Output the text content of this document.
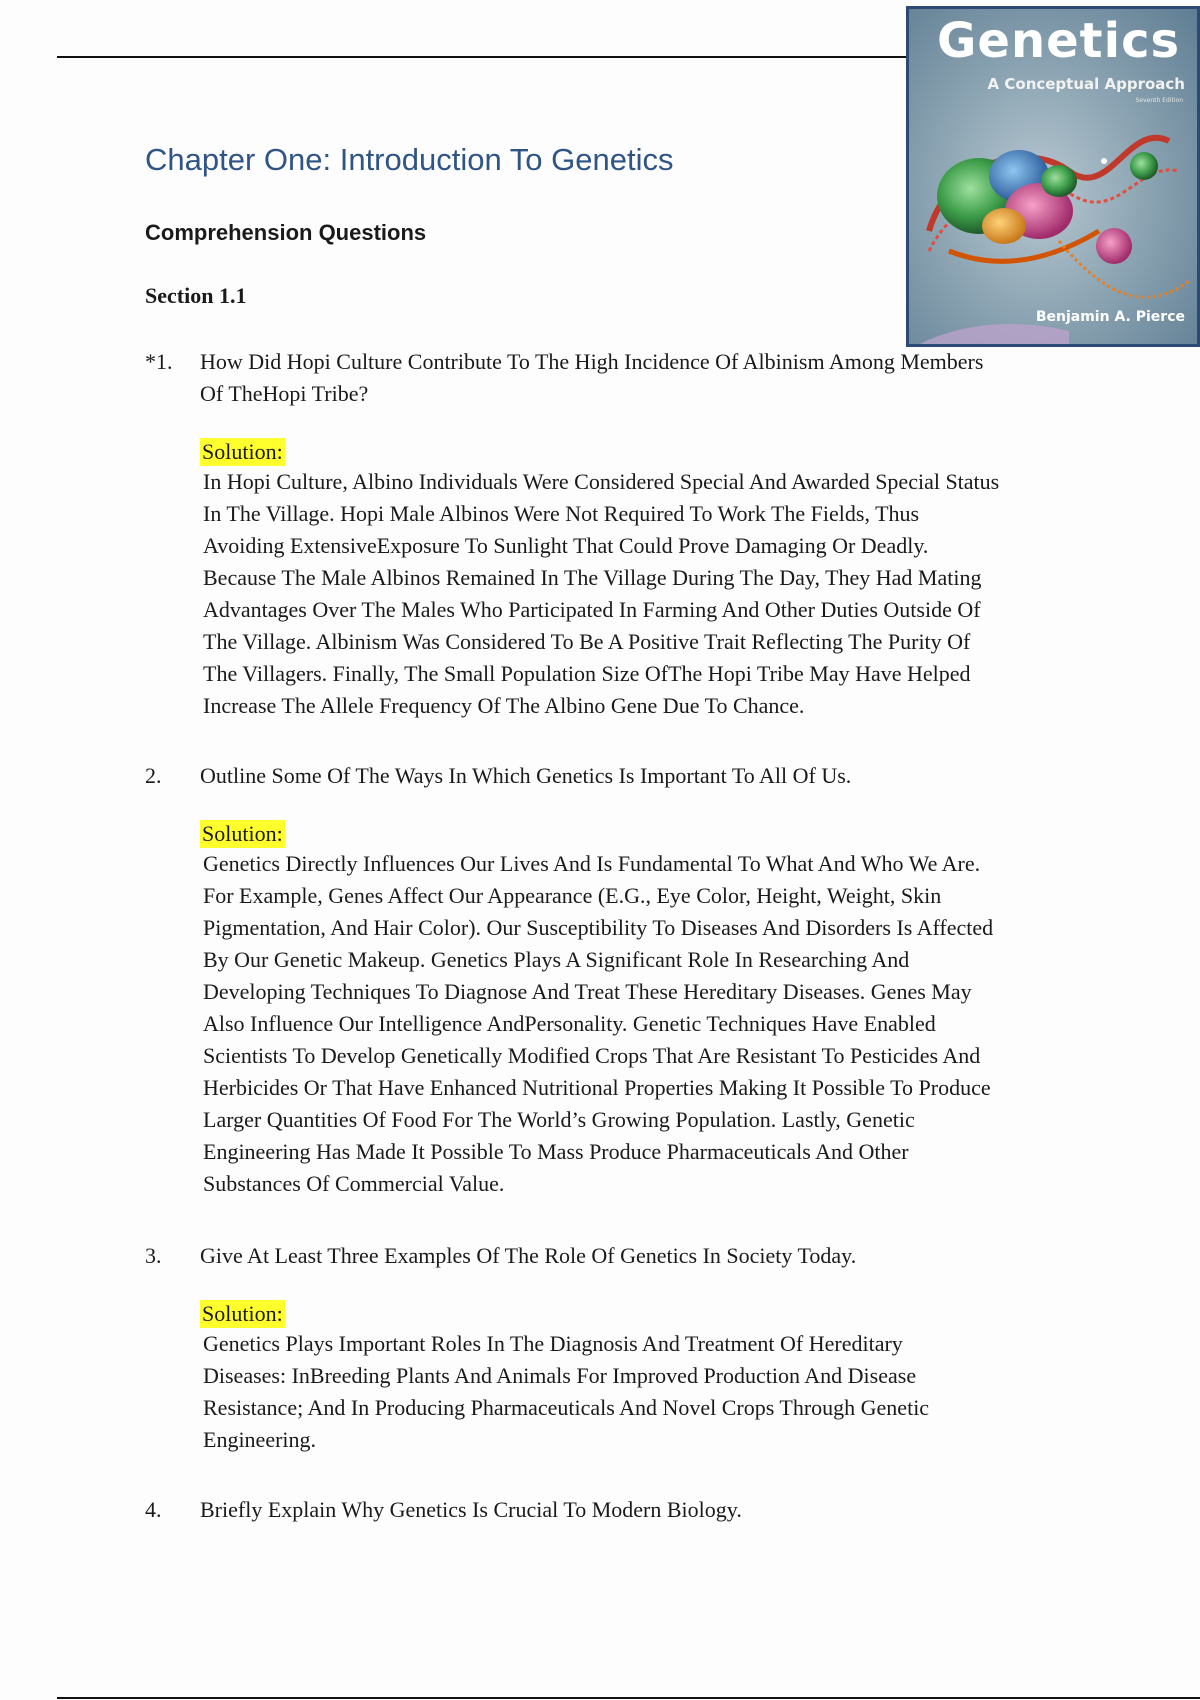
Genetics
A Conceptual Approach
Seventh Edition
Benjamin A. Pierce
Chapter One: Introduction To Genetics
Comprehension Questions
Section 1.1
*1. How Did Hopi Culture Contribute To The High Incidence Of Albinism Among Members
Of TheHopi Tribe?
Solution:
In Hopi Culture, Albino Individuals Were Considered Special And Awarded Special Status
In The Village. Hopi Male Albinos Were Not Required To Work The Fields, Thus
Avoiding ExtensiveExposure To Sunlight That Could Prove Damaging Or Deadly.
Because The Male Albinos Remained In The Village During The Day, They Had Mating
Advantages Over The Males Who Participated In Farming And Other Duties Outside Of
The Village. Albinism Was Considered To Be A Positive Trait Reflecting The Purity Of
The Villagers. Finally, The Small Population Size OfThe Hopi Tribe May Have Helped
Increase The Allele Frequency Of The Albino Gene Due To Chance.
2. Outline Some Of The Ways In Which Genetics Is Important To All Of Us.
Solution:
Genetics Directly Influences Our Lives And Is Fundamental To What And Who We Are.
For Example, Genes Affect Our Appearance (E.G., Eye Color, Height, Weight, Skin
Pigmentation, And Hair Color). Our Susceptibility To Diseases And Disorders Is Affected
By Our Genetic Makeup. Genetics Plays A Significant Role In Researching And
Developing Techniques To Diagnose And Treat These Hereditary Diseases. Genes May
Also Influence Our Intelligence AndPersonality. Genetic Techniques Have Enabled
Scientists To Develop Genetically Modified Crops That Are Resistant To Pesticides And
Herbicides Or That Have Enhanced Nutritional Properties Making It Possible To Produce
Larger Quantities Of Food For The World’s Growing Population. Lastly, Genetic
Engineering Has Made It Possible To Mass Produce Pharmaceuticals And Other
Substances Of Commercial Value.
3. Give At Least Three Examples Of The Role Of Genetics In Society Today.
Solution:
Genetics Plays Important Roles In The Diagnosis And Treatment Of Hereditary
Diseases: InBreeding Plants And Animals For Improved Production And Disease
Resistance; And In Producing Pharmaceuticals And Novel Crops Through Genetic
Engineering.
4. Briefly Explain Why Genetics Is Crucial To Modern Biology.
